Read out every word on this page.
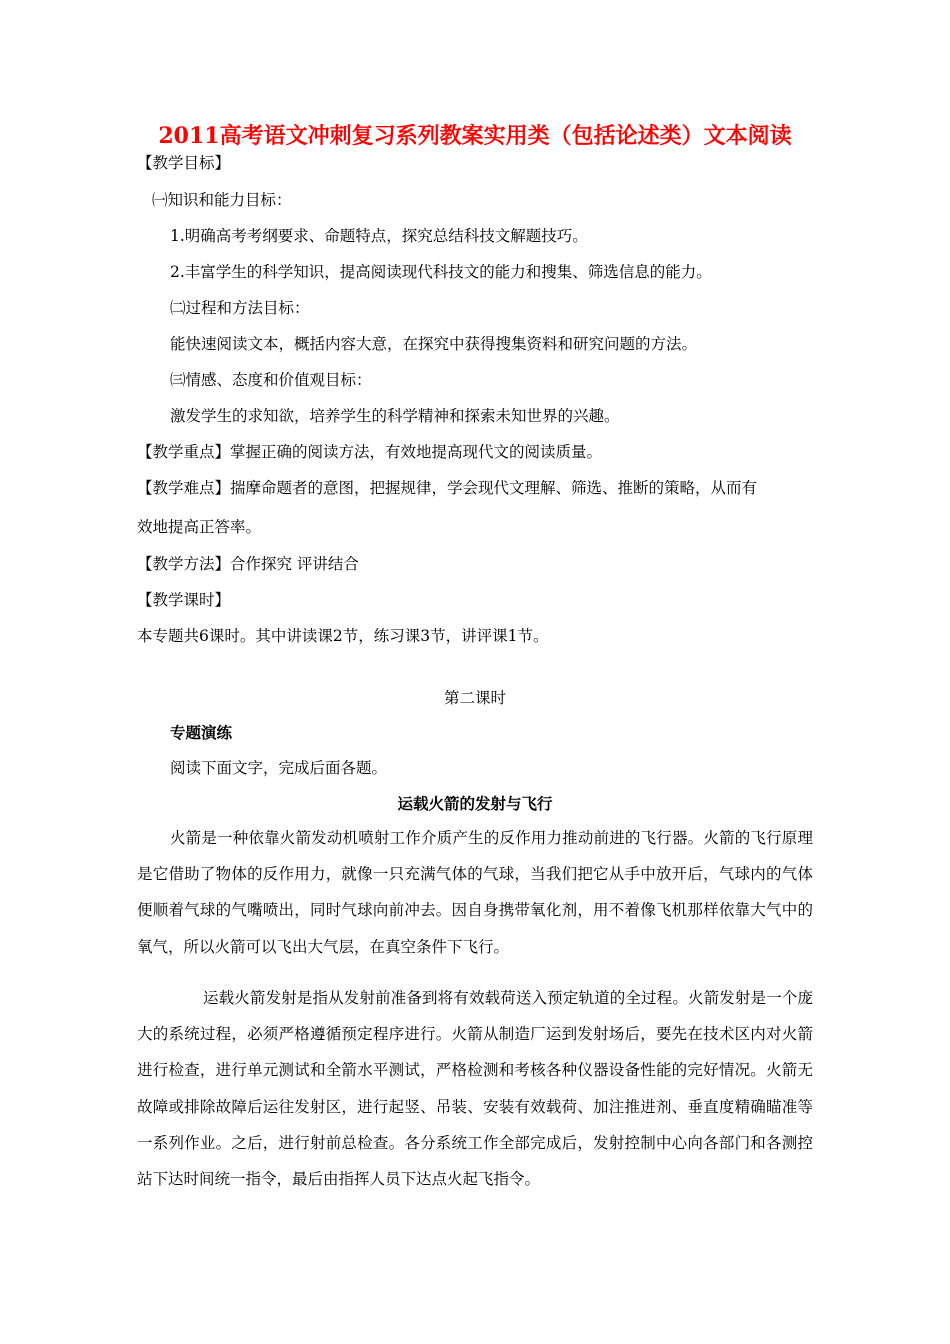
2011高考语文冲刺复习系列教案实用类（包括论述类）文本阅读
【教学目标】
㈠知识和能力目标：
1.明确高考考纲要求、命题特点，探究总结科技文解题技巧。
2.丰富学生的科学知识，提高阅读现代科技文的能力和搜集、筛选信息的能力。
㈡过程和方法目标：
能快速阅读文本，概括内容大意，在探究中获得搜集资料和研究问题的方法。
㈢情感、态度和价值观目标：
激发学生的求知欲，培养学生的科学精神和探索未知世界的兴趣。
【教学重点】掌握正确的阅读方法，有效地提高现代文的阅读质量。
【教学难点】揣摩命题者的意图，把握规律，学会现代文理解、筛选、推断的策略，从而有
效地提高正答率。
【教学方法】合作探究 评讲结合
【教学课时】
本专题共6课时。其中讲读课2节，练习课3节，讲评课1节。
第二课时
专题演练
阅读下面文字，完成后面各题。
运载火箭的发射与飞行
火箭是一种依靠火箭发动机喷射工作介质产生的反作用力推动前进的飞行器。火箭的飞行原理是它借助了物体的反作用力，就像一只充满气体的气球，当我们把它从手中放开后，气球内的气体便顺着气球的气嘴喷出，同时气球向前冲去。因自身携带氧化剂，用不着像飞机那样依靠大气中的氧气，所以火箭可以飞出大气层，在真空条件下飞行。
运载火箭发射是指从发射前准备到将有效载荷送入预定轨道的全过程。火箭发射是一个庞大的系统过程，必须严格遵循预定程序进行。火箭从制造厂运到发射场后，要先在技术区内对火箭进行检查，进行单元测试和全箭水平测试，严格检测和考核各种仪器设备性能的完好情况。火箭无故障或排除故障后运往发射区，进行起竖、吊装、安装有效载荷、加注推进剂、垂直度精确瞄准等一系列作业。之后，进行射前总检查。各分系统工作全部完成后，发射控制中心向各部门和各测控站下达时间统一指令，最后由指挥人员下达点火起飞指令。
